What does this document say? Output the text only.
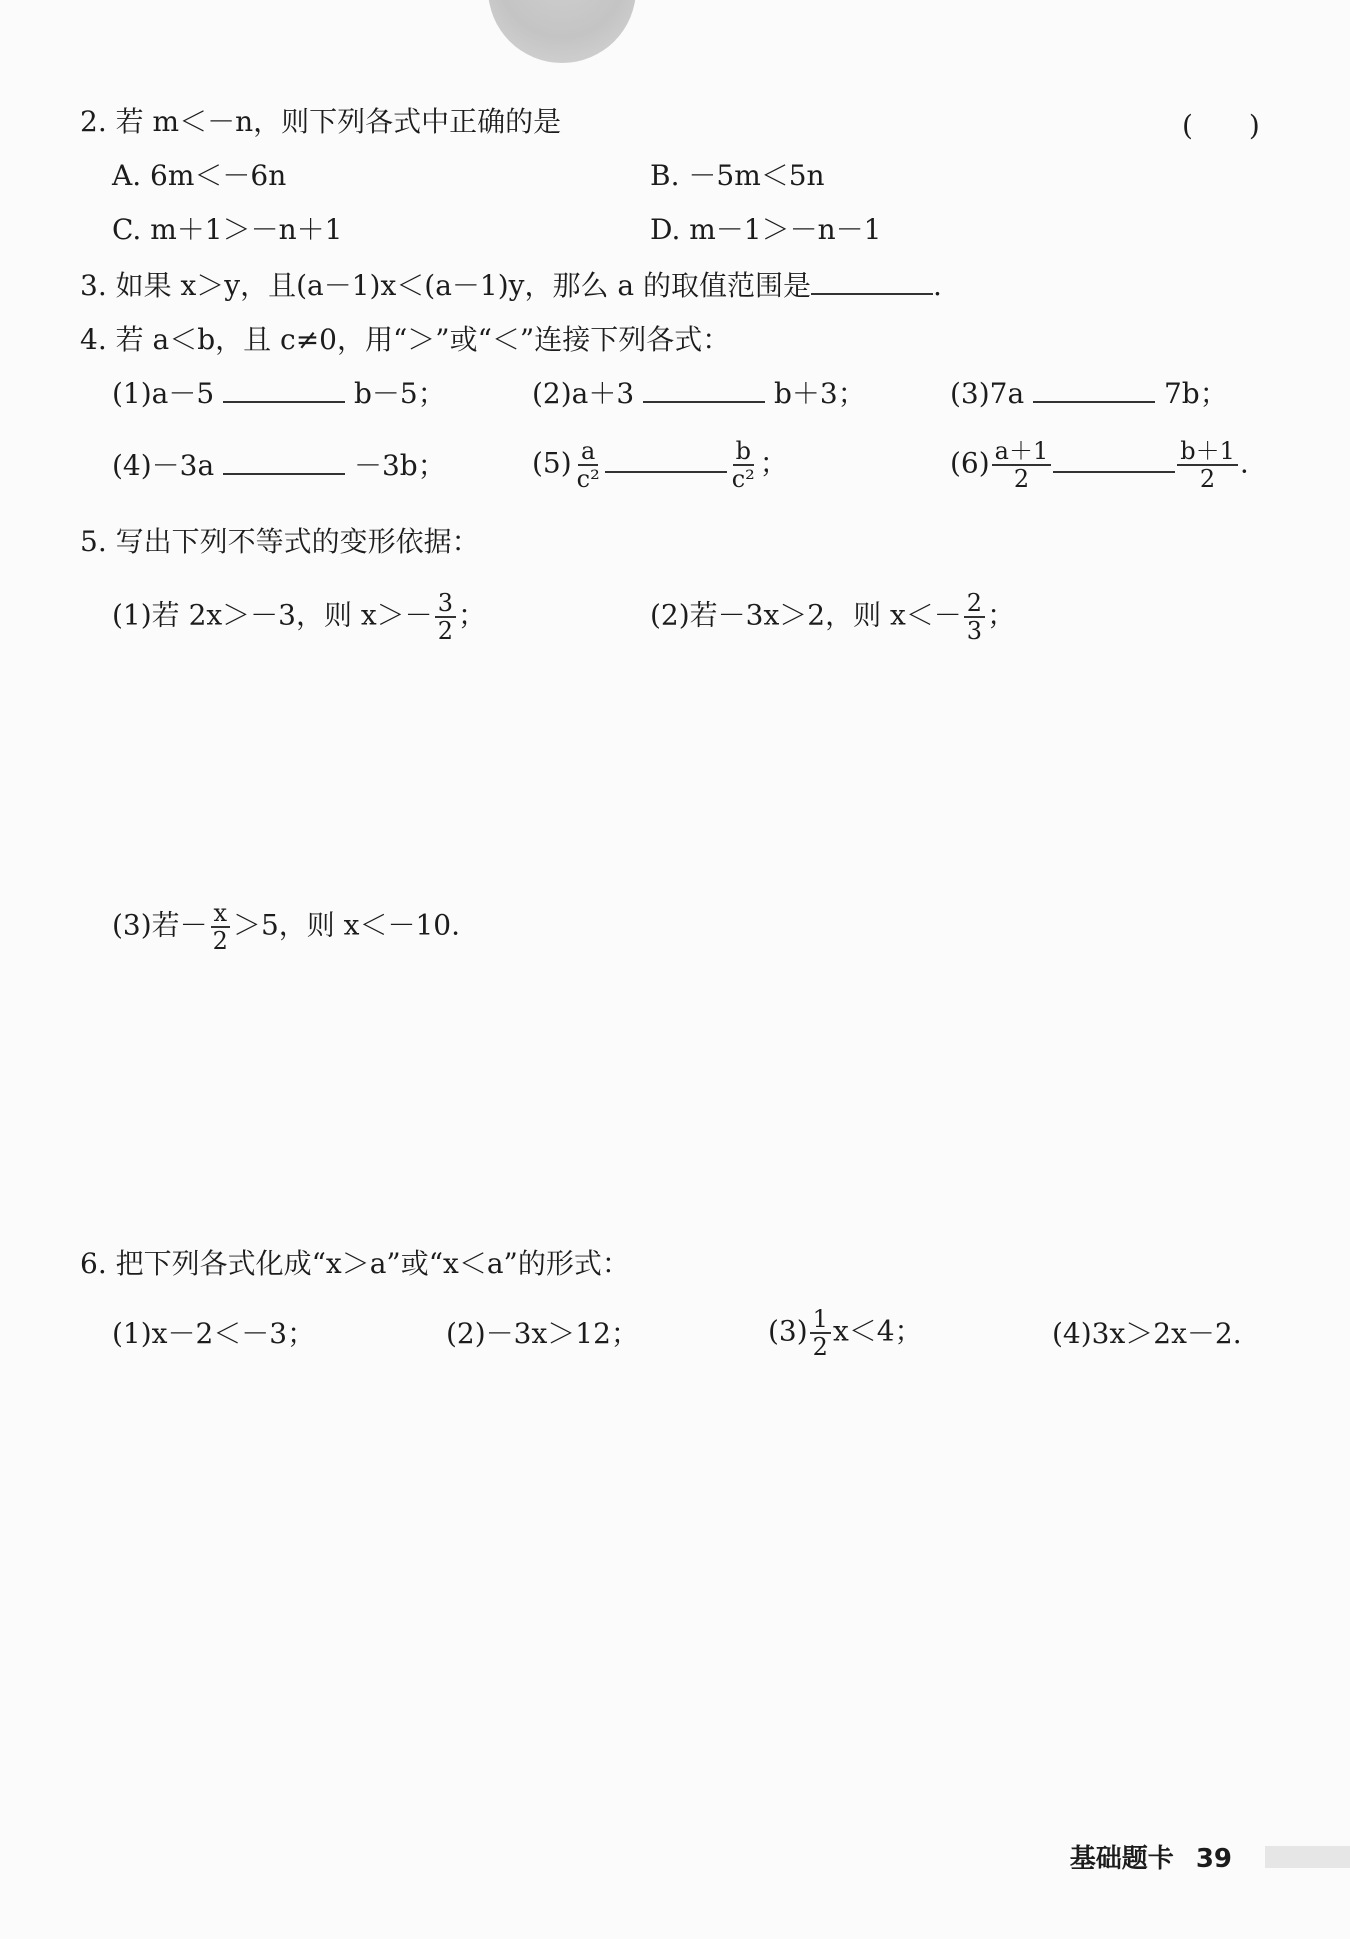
2. 若 m＜－n，则下列各式中正确的是	(　　)
A. 6m＜－6n	B. －5m＜5n
C. m＋1＞－n＋1	D. m－1＞－n－1
3. 如果 x＞y，且(a－1)x＜(a－1)y，那么 a 的取值范围是	.
4. 若 a＜b，且 c≠0，用“＞”或“＜”连接下列各式：
(1)a－5	b－5；	(2)a＋3	b＋3；	(3)7a	7b；
(4)－3a	－3b；	$(5) \frac{a}{\text{c²}}$	$\frac{b}{\text{c²}}$ ；	$(6) \frac{a+1}{2}$	$\frac{b+1}{2}$ .
5. 写出下列不等式的变形依据：
(1)若 2x＞－3，则 $x>- \frac{3}{2}$ ；	(2)若－3x＞2，则 $x<- \frac{2}{3}$ ；
(3)若－ $\frac{x}{2} >5$，则 x＜－10.
6. 把下列各式化成“x＞a”或“x＜a”的形式：
(1)x－2＜－3；	(2)－3x＞12；	$(3) \frac{1}{2} x<4$；	(4)3x＞2x－2.
基础题卡 39
